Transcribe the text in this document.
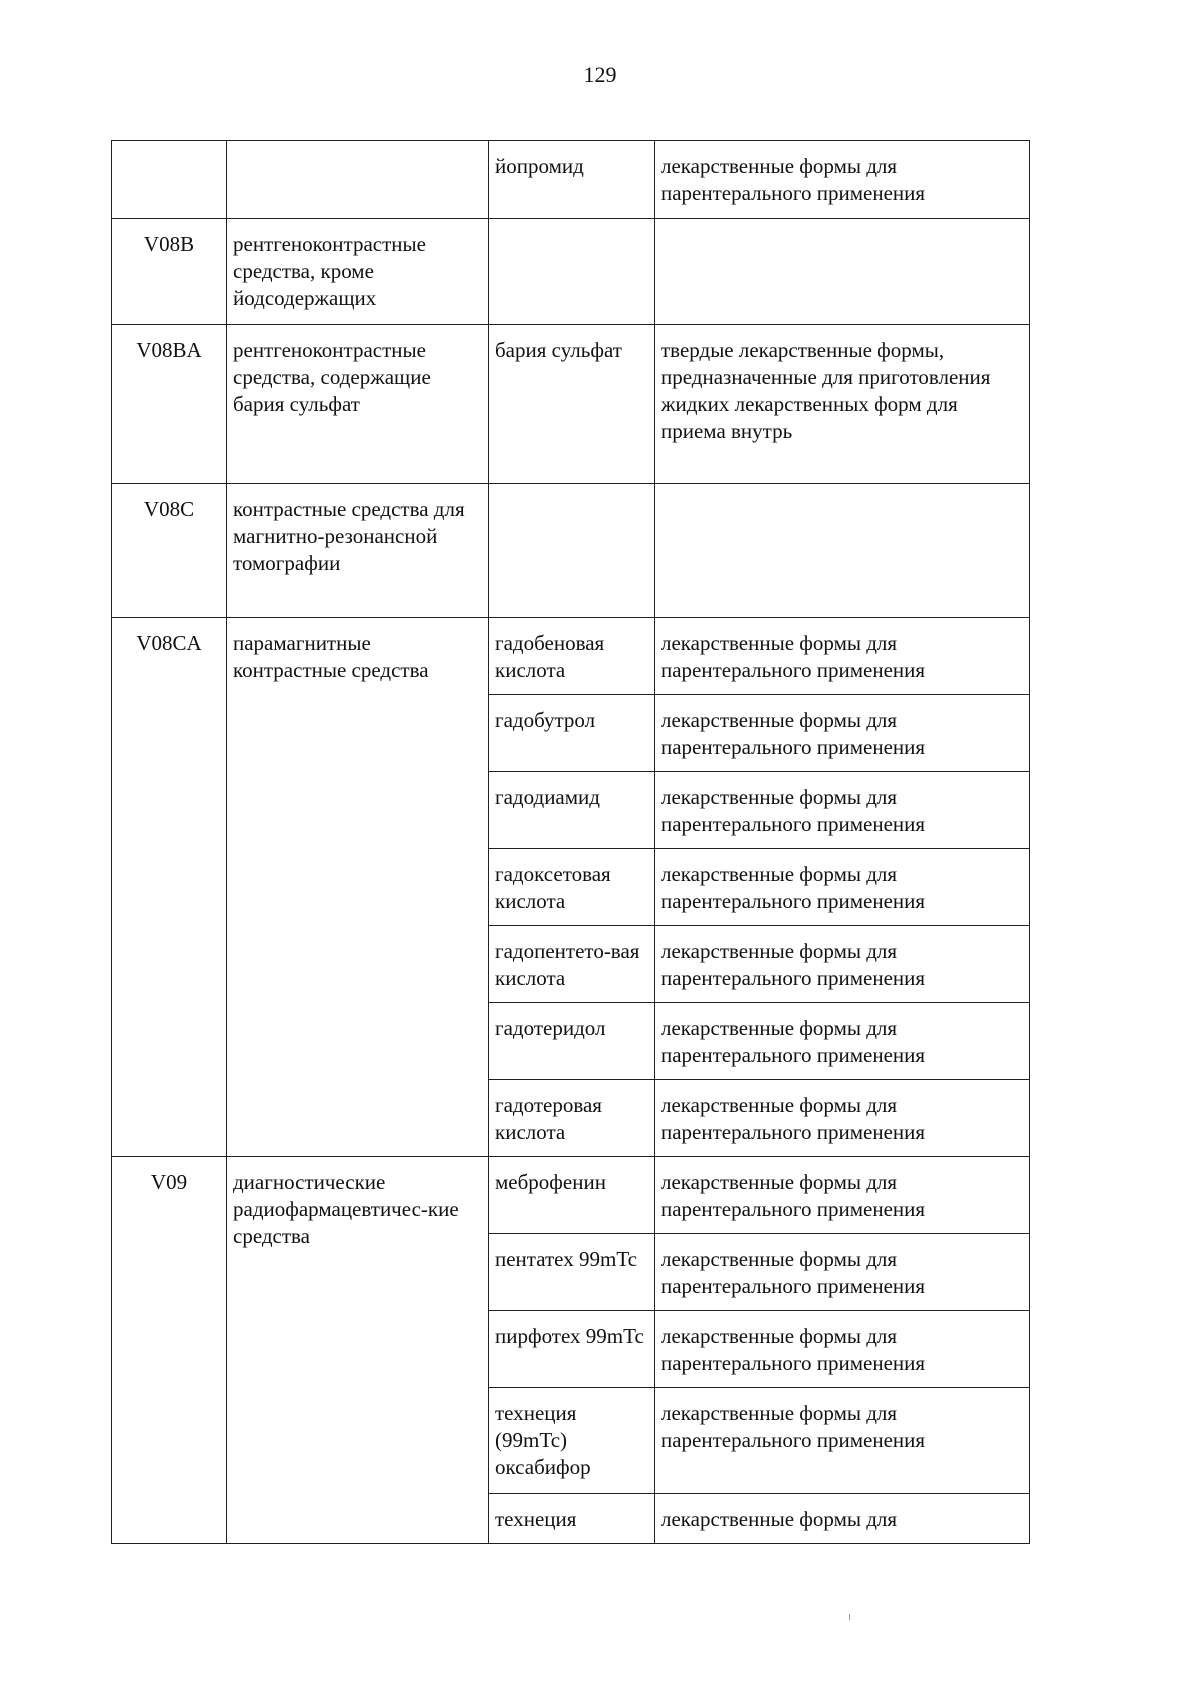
129
		йопромид	лекарственные формы для парентерального применения
V08B	рентгеноконтрастные средства, кроме йодсодержащих		
V08BA	рентгеноконтрастные средства, содержащие бария сульфат	бария сульфат	твердые лекарственные формы, предназначенные для приготовления жидких лекарственных форм для приема внутрь
V08C	контрастные средства для магнитно-резонансной томографии		
V08CA	парамагнитные контрастные средства	гадобеновая кислота	лекарственные формы для парентерального применения
		гадобутрол	лекарственные формы для парентерального применения
		гадодиамид	лекарственные формы для парентерального применения
		гадоксетовая кислота	лекарственные формы для парентерального применения
		гадопентето-вая кислота	лекарственные формы для парентерального применения
		гадотеридол	лекарственные формы для парентерального применения
		гадотеровая кислота	лекарственные формы для парентерального применения
V09	диагностические радиофармацевтичес-кие средства	меброфенин	лекарственные формы для парентерального применения
		пентатех 99mTc	лекарственные формы для парентерального применения
		пирфотех 99mTc	лекарственные формы для парентерального применения
		технеция (99mTc) оксабифор	лекарственные формы для парентерального применения
		технеция	лекарственные формы для
